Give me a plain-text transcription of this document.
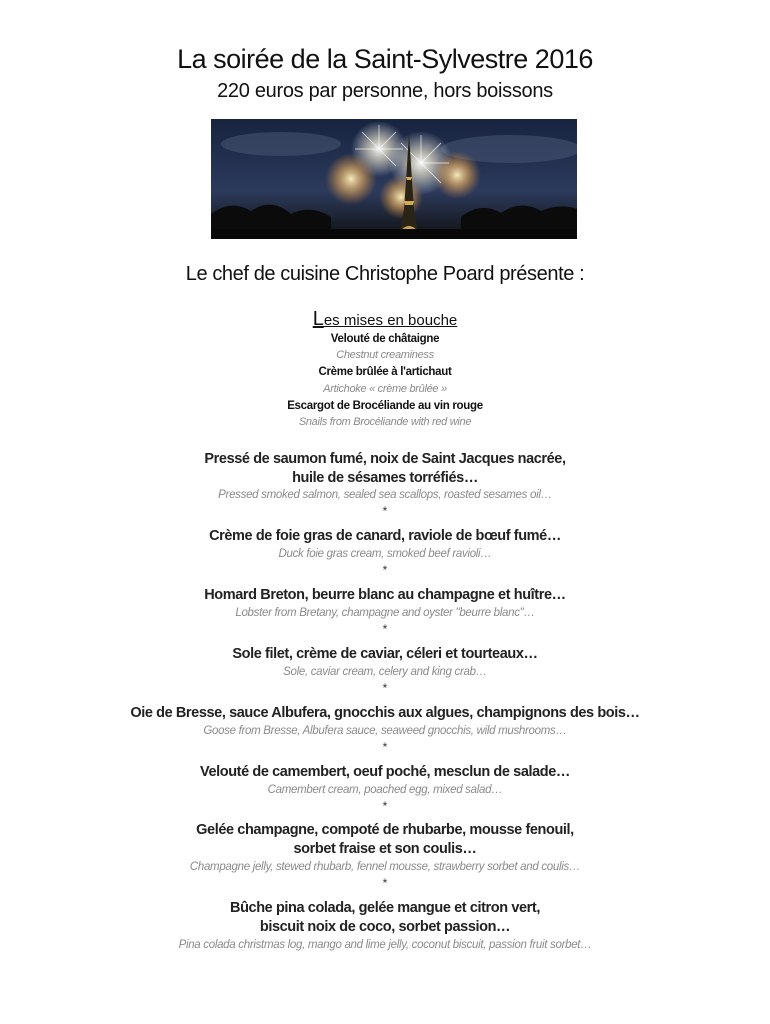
La soirée de la Saint-Sylvestre 2016
220 euros par personne, hors boissons
Le chef de cuisine Christophe Poard présente :
Les mises en bouche
Velouté de châtaigne
Chestnut creaminess
Crème brûlée à l'artichaut
Artichoke « crème brûlée »
Escargot de Brocéliande au vin rouge
Snails from Brocéliande with red wine
Pressé de saumon fumé, noix de Saint Jacques nacrée,
huile de sésames torréfiés…
Pressed smoked salmon, sealed sea scallops, roasted sesames oil…
*
Crème de foie gras de canard, raviole de bœuf fumé…
Duck foie gras cream, smoked beef ravioli…
*
Homard Breton, beurre blanc au champagne et huître…
Lobster from Bretany, champagne and oyster "beurre blanc"…
*
Sole filet, crème de caviar, céleri et tourteaux…
Sole, caviar cream, celery and king crab…
*
Oie de Bresse, sauce Albufera, gnocchis aux algues, champignons des bois…
Goose from Bresse, Albufera sauce, seaweed gnocchis, wild mushrooms…
*
Velouté de camembert, oeuf poché, mesclun de salade…
Camembert cream, poached egg, mixed salad…
*
Gelée champagne, compoté de rhubarbe, mousse fenouil,
sorbet fraise et son coulis…
Champagne jelly, stewed rhubarb, fennel mousse, strawberry sorbet and coulis…
*
Bûche pina colada, gelée mangue et citron vert,
biscuit noix de coco, sorbet passion…
Pina colada christmas log, mango and lime jelly, coconut biscuit, passion fruit sorbet…
